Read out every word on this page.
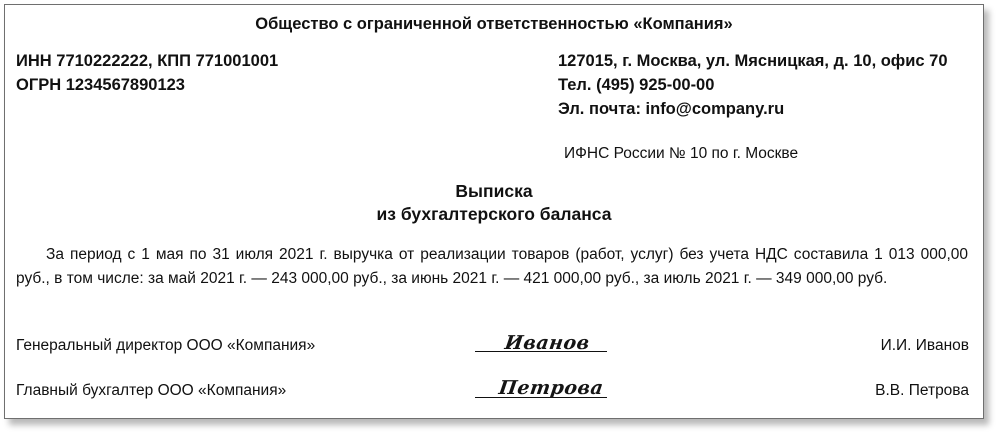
Общество с ограниченной ответственностью «Компания»
ИНН 7710222222, КПП 771001001
ОГРН 1234567890123
127015, г. Москва, ул. Мясницкая, д. 10, офис 70
Тел. (495) 925-00-00
Эл. почта: info@company.ru
ИФНС России № 10 по г. Москве
Выписка
из бухгалтерского баланса
За период с 1 мая по 31 июля 2021 г. выручка от реализации товаров (работ, услуг) без учета НДС составила 1 013 000,00 руб., в том числе: за май 2021 г. — 243 000,00 руб., за июнь 2021 г. — 421 000,00 руб., за июль 2021 г. — 349 000,00 руб.
Генеральный директор ООО «Компания»	Иванов	И.И. Иванов
Главный бухгалтер ООО «Компания»	Петрова	В.В. Петрова
